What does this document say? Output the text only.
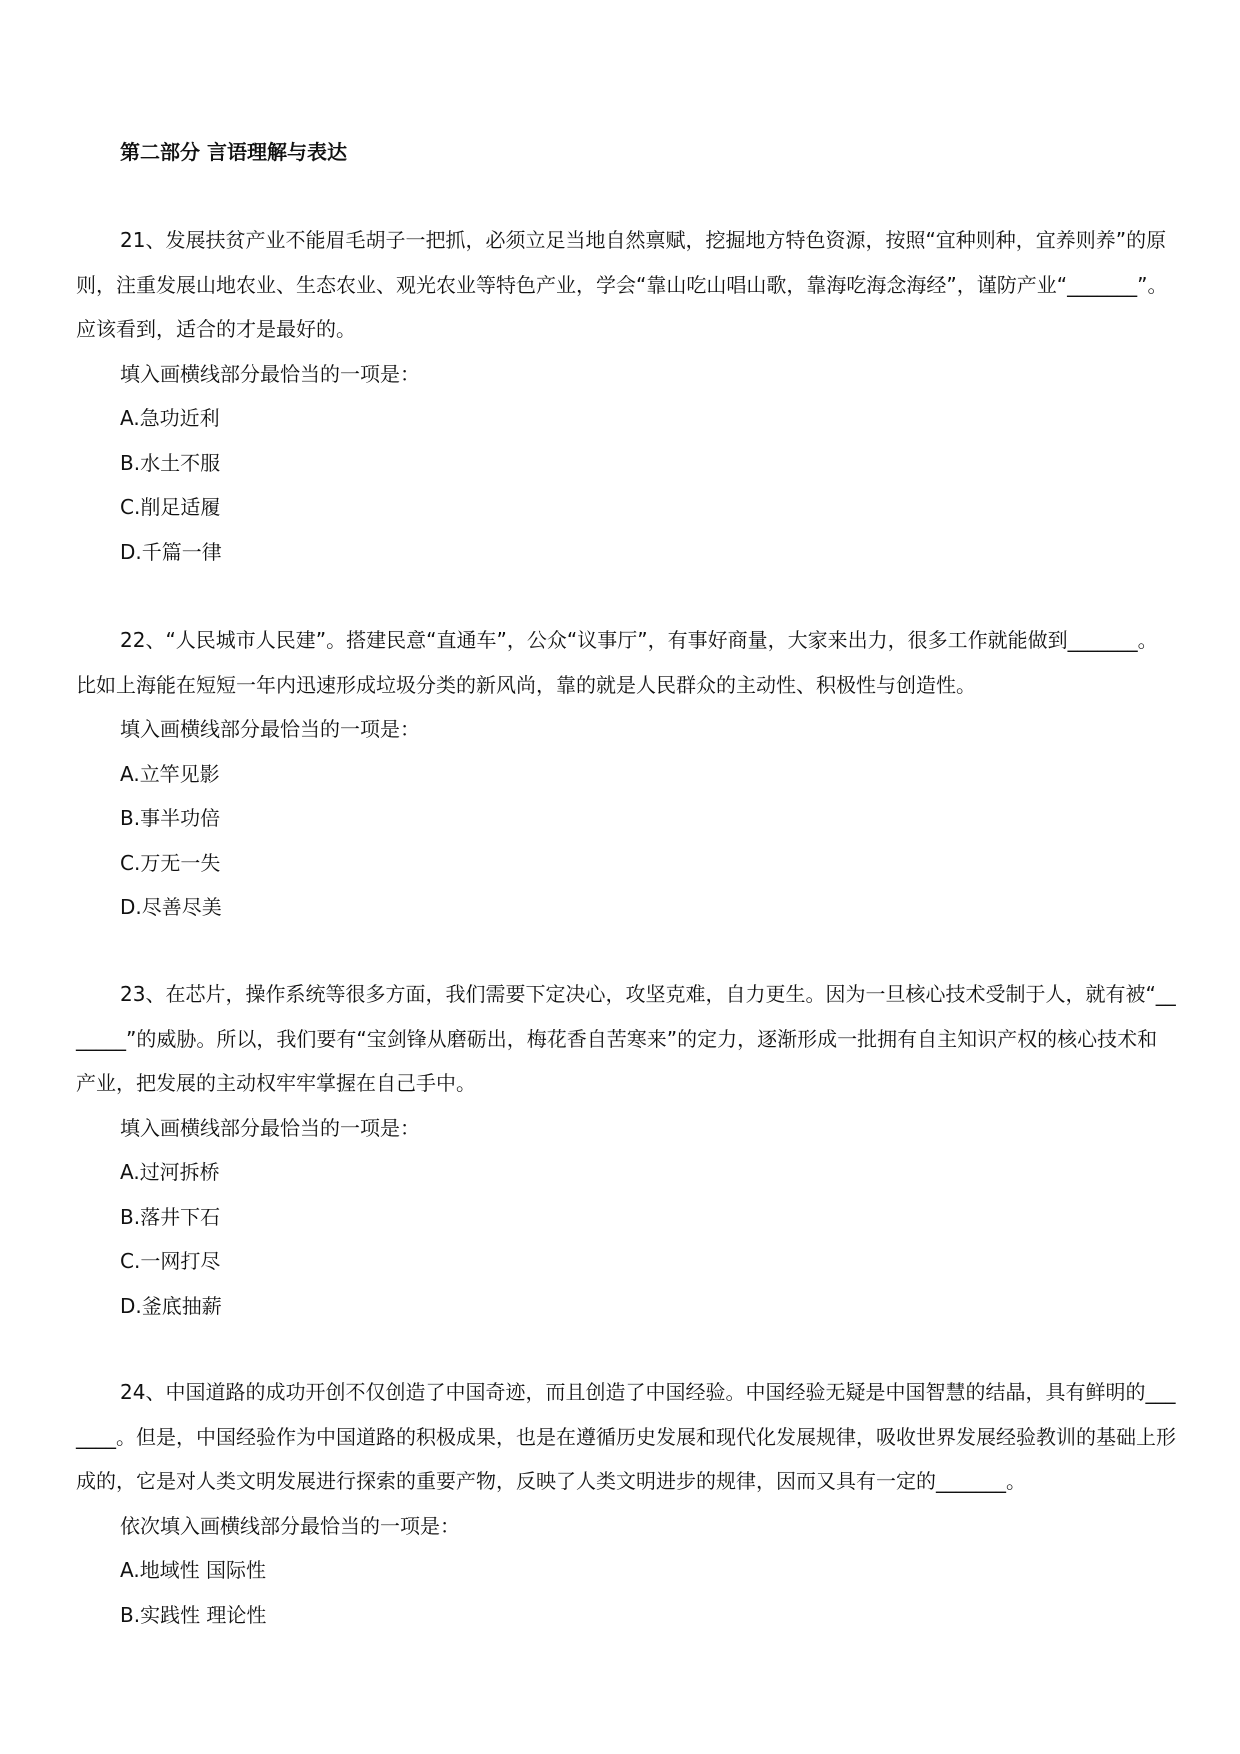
第二部分 言语理解与表达

21、发展扶贫产业不能眉毛胡子一把抓，必须立足当地自然禀赋，挖掘地方特色资源，按照“宜种则种，宜养则养”的原则，注重发展山地农业、生态农业、观光农业等特色产业，学会“靠山吃山唱山歌，靠海吃海念海经”，谨防产业“_______”。应该看到，适合的才是最好的。

填入画横线部分最恰当的一项是：

A.急功近利

B.水土不服

C.削足适履

D.千篇一律

22、“人民城市人民建”。搭建民意“直通车”，公众“议事厅”，有事好商量，大家来出力，很多工作就能做到_______。比如上海能在短短一年内迅速形成垃圾分类的新风尚，靠的就是人民群众的主动性、积极性与创造性。

填入画横线部分最恰当的一项是：

A.立竿见影

B.事半功倍

C.万无一失

D.尽善尽美

23、在芯片，操作系统等很多方面，我们需要下定决心，攻坚克难，自力更生。因为一旦核心技术受制于人，就有被“_______”的威胁。所以，我们要有“宝剑锋从磨砺出，梅花香自苦寒来”的定力，逐渐形成一批拥有自主知识产权的核心技术和产业，把发展的主动权牢牢掌握在自己手中。

填入画横线部分最恰当的一项是：

A.过河拆桥

B.落井下石

C.一网打尽

D.釜底抽薪

24、中国道路的成功开创不仅创造了中国奇迹，而且创造了中国经验。中国经验无疑是中国智慧的结晶，具有鲜明的_______。但是，中国经验作为中国道路的积极成果，也是在遵循历史发展和现代化发展规律，吸收世界发展经验教训的基础上形成的，它是对人类文明发展进行探索的重要产物，反映了人类文明进步的规律，因而又具有一定的_______。

依次填入画横线部分最恰当的一项是：

A.地域性 国际性

B.实践性 理论性
